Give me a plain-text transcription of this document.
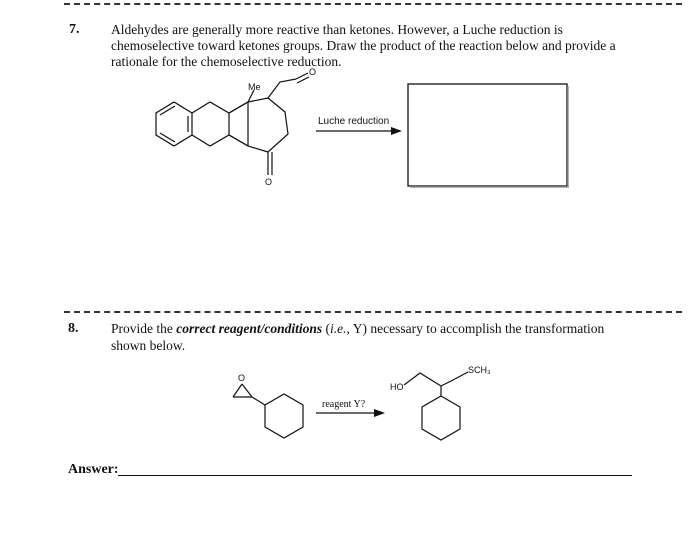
7. Aldehydes are generally more reactive than ketones. However, a Luche reduction is
chemoselective toward ketones groups. Draw the product of the reaction below and provide a
rationale for the chemoselective reduction.
Me
O
O
Luche reduction
8. Provide the correct reagent/conditions (i.e., Y) necessary to accomplish the transformation
shown below.
O
reagent Y?
HO
SCH₃
Answer:
